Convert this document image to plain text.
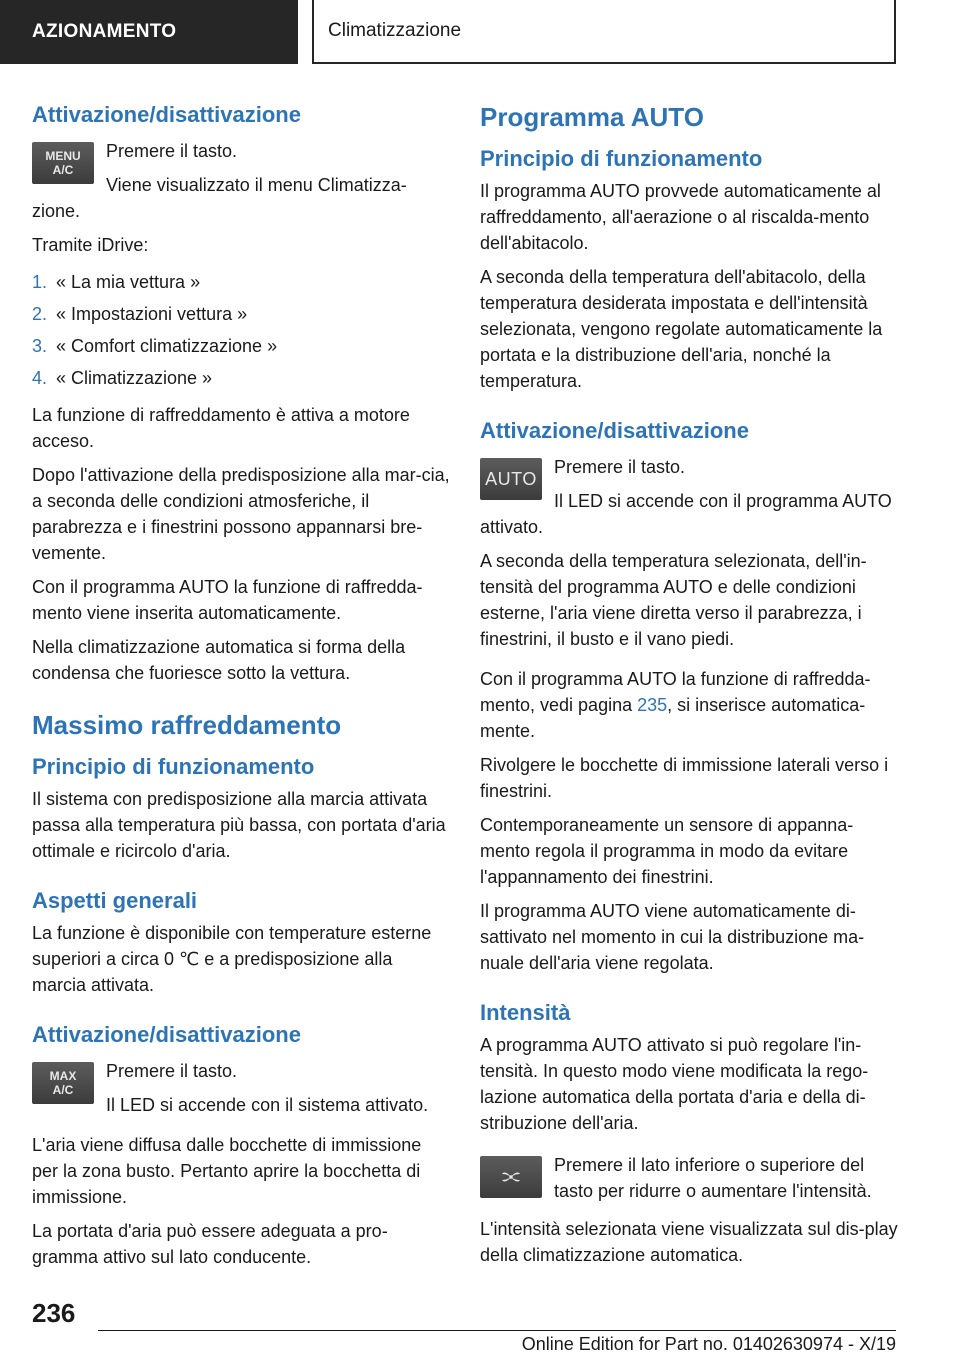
AZIONAMENTO	Climatizzazione
Attivazione/disattivazione
MENU
A/C

Premere il tasto.

Viene visualizzato il menu Climatizza-zione.

Tramite iDrive:

1. « La mia vettura »
2. « Impostazioni vettura »
3. « Comfort climatizzazione »
4. « Climatizzazione »

La funzione di raffreddamento è attiva a motore acceso.

Dopo l'attivazione della predisposizione alla mar-cia, a seconda delle condizioni atmosferiche, il parabrezza e i finestrini possono appannarsi bre-vemente.

Con il programma AUTO la funzione di raffredda-mento viene inserita automaticamente.

Nella climatizzazione automatica si forma della condensa che fuoriesce sotto la vettura.

Massimo raffreddamento
Principio di funzionamento

Il sistema con predisposizione alla marcia attivata passa alla temperatura più bassa, con portata d'aria ottimale e ricircolo d'aria.

Aspetti generali

La funzione è disponibile con temperature esterne superiori a circa 0 ℃ e a predisposizione alla marcia attivata.

Attivazione/disattivazione
MAX
A/C

Premere il tasto.

Il LED si accende con il sistema attivato.

L'aria viene diffusa dalle bocchette di immissione per la zona busto. Pertanto aprire la bocchetta di immissione.

La portata d'aria può essere adeguata a pro-gramma attivo sul lato conducente.

Programma AUTO
Principio di funzionamento

Il programma AUTO provvede automaticamente al raffreddamento, all'aerazione o al riscalda-mento dell'abitacolo.

A seconda della temperatura dell'abitacolo, della temperatura desiderata impostata e dell'intensità selezionata, vengono regolate automaticamente la portata e la distribuzione dell'aria, nonché la temperatura.

Attivazione/disattivazione
AUTO

Premere il tasto.

Il LED si accende con il programma AUTO attivato.

A seconda della temperatura selezionata, dell'in-tensità del programma AUTO e delle condizioni esterne, l'aria viene diretta verso il parabrezza, i finestrini, il busto e il vano piedi.

Con il programma AUTO la funzione di raffredda-mento, vedi pagina 235, si inserisce automatica-mente.

Rivolgere le bocchette di immissione laterali verso i finestrini.

Contemporaneamente un sensore di appanna-mento regola il programma in modo da evitare l'appannamento dei finestrini.

Il programma AUTO viene automaticamente di-sattivato nel momento in cui la distribuzione ma-nuale dell'aria viene regolata.

Intensità

A programma AUTO attivato si può regolare l'in-tensità. In questo modo viene modificata la rego-lazione automatica della portata d'aria e della di-stribuzione dell'aria.

Premere il lato inferiore o superiore del tasto per ridurre o aumentare l'intensità.

L'intensità selezionata viene visualizzata sul dis-play della climatizzazione automatica.

236
Online Edition for Part no. 01402630974 - X/19
